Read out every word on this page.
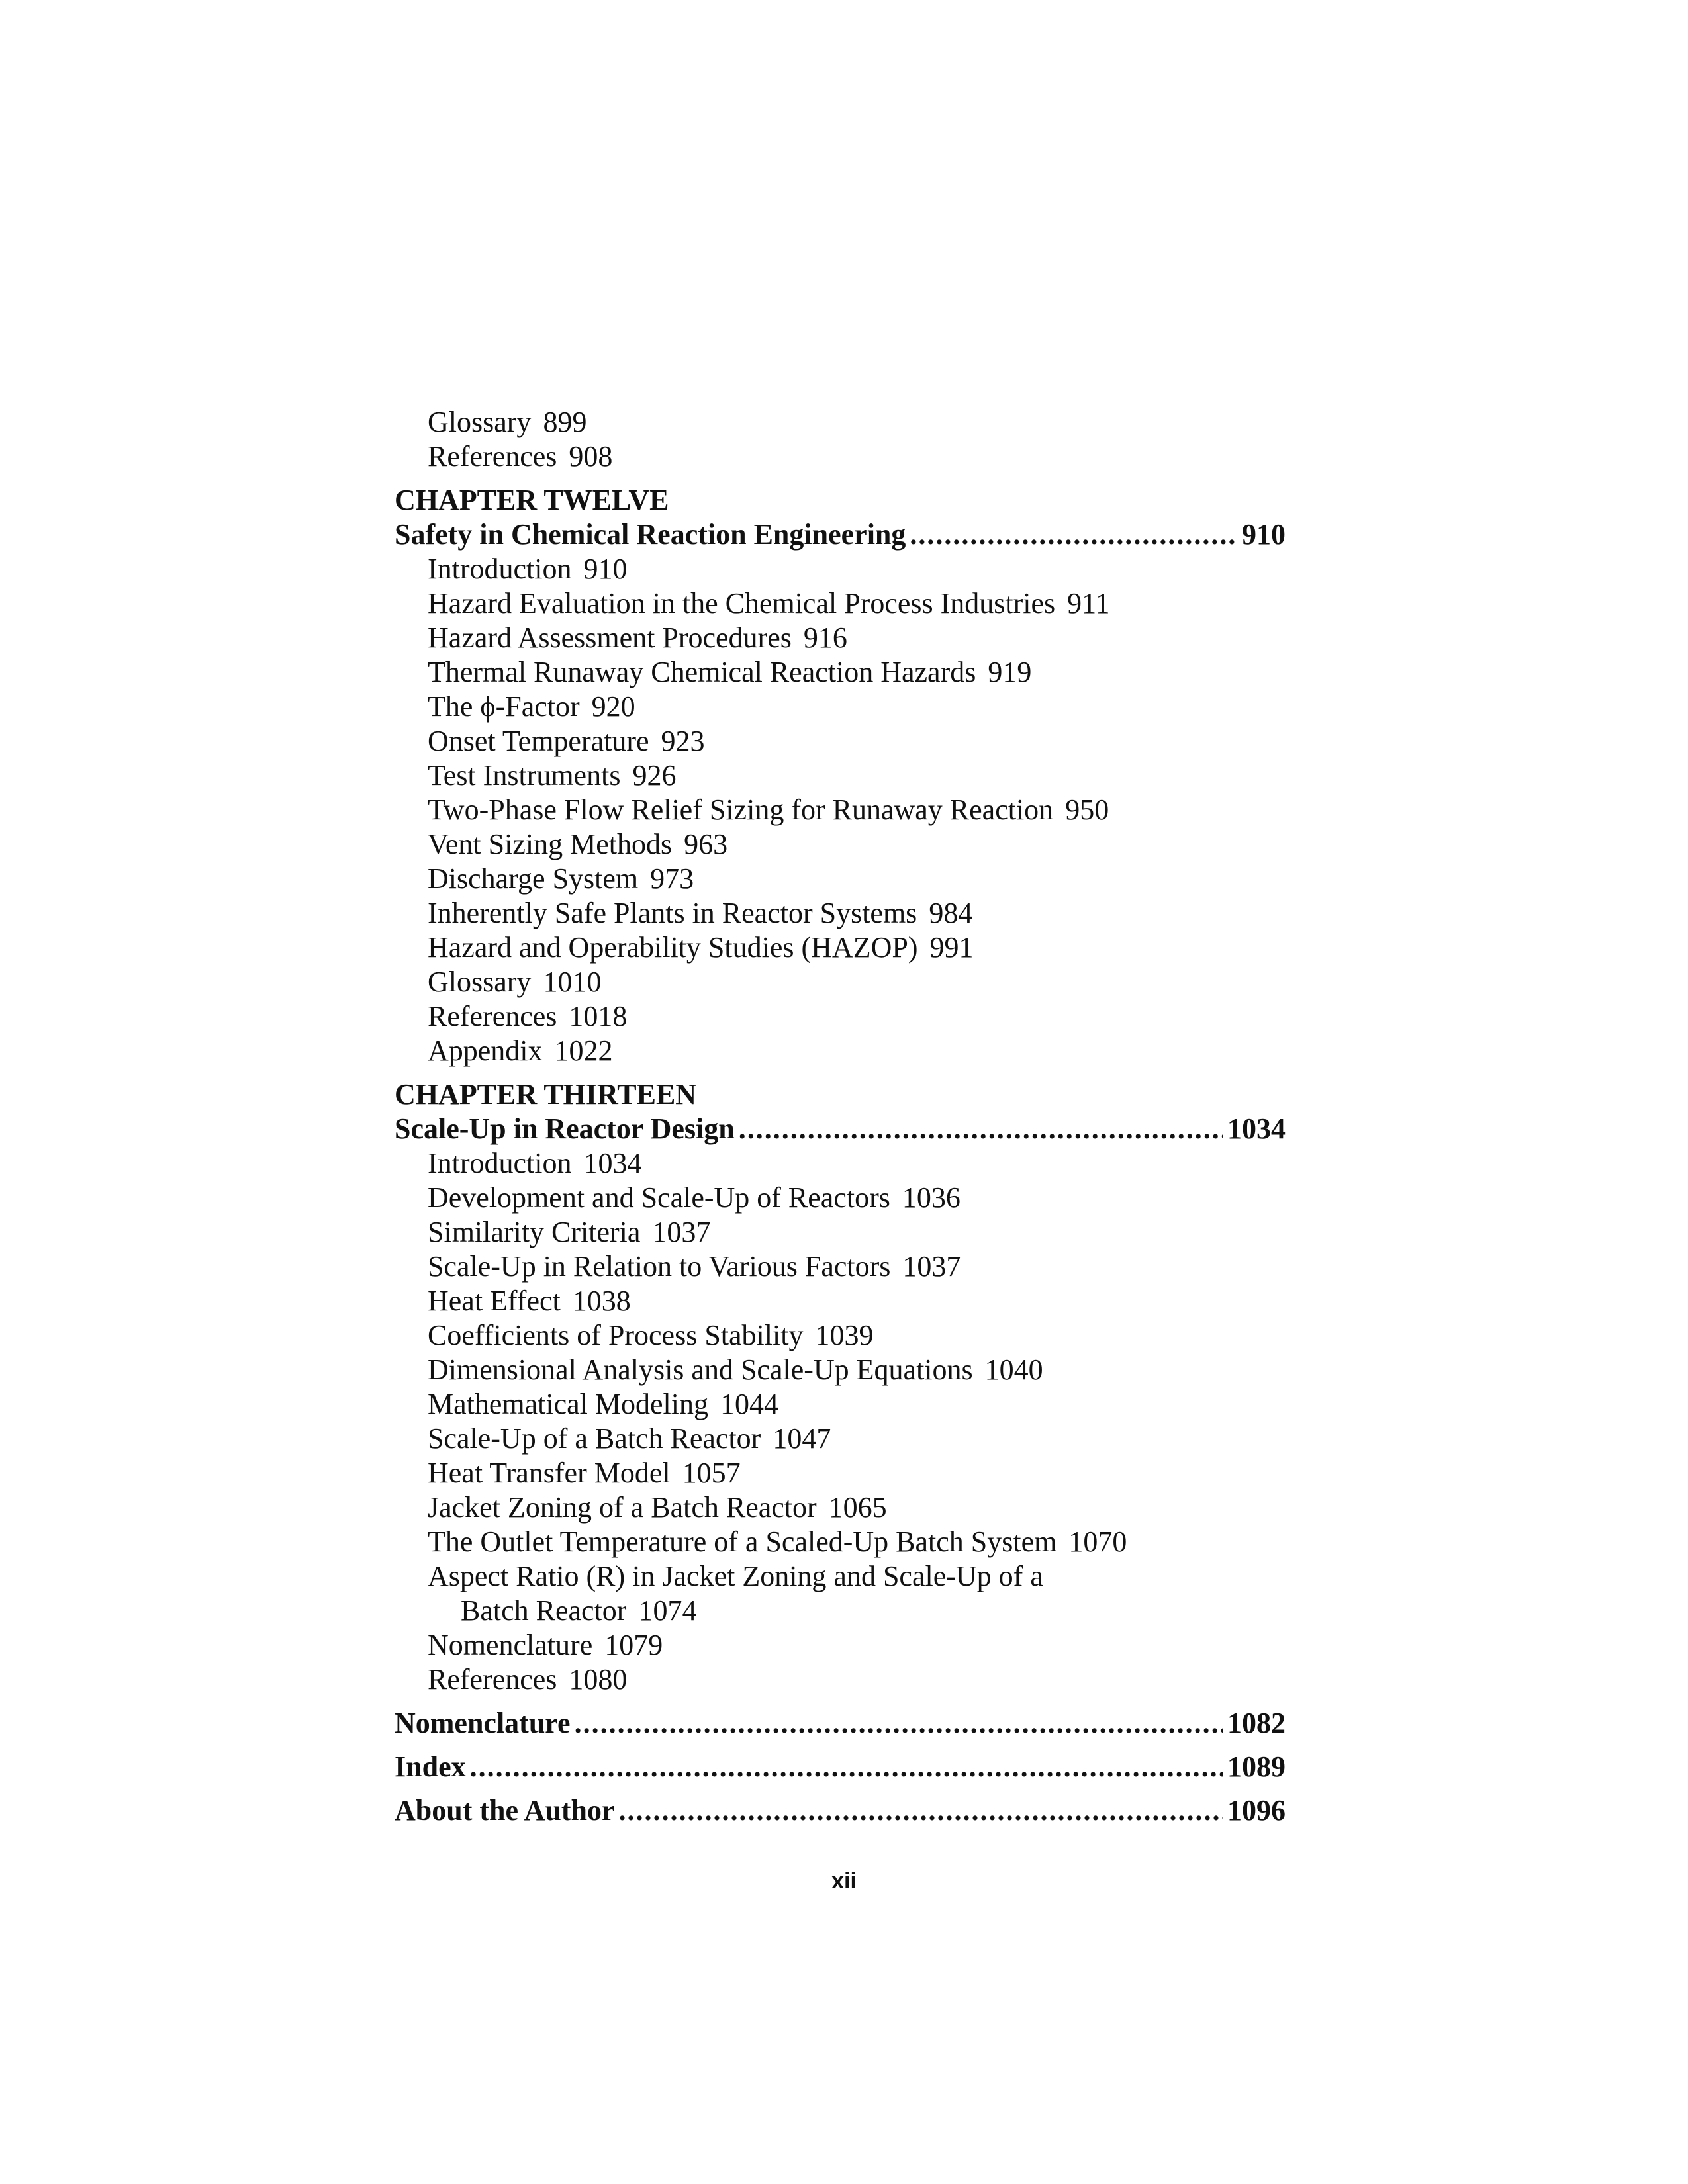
Glossary 899
References 908
CHAPTER TWELVE
Safety in Chemical Reaction Engineering .....	910
Introduction 910
Hazard Evaluation in the Chemical Process Industries 911
Hazard Assessment Procedures 916
Thermal Runaway Chemical Reaction Hazards 919
The ϕ-Factor 920
Onset Temperature 923
Test Instruments 926
Two-Phase Flow Relief Sizing for Runaway Reaction 950
Vent Sizing Methods 963
Discharge System 973
Inherently Safe Plants in Reactor Systems 984
Hazard and Operability Studies (HAZOP) 991
Glossary 1010
References 1018
Appendix 1022
CHAPTER THIRTEEN
Scale-Up in Reactor Design .....	1034
Introduction 1034
Development and Scale-Up of Reactors 1036
Similarity Criteria 1037
Scale-Up in Relation to Various Factors 1037
Heat Effect 1038
Coefficients of Process Stability 1039
Dimensional Analysis and Scale-Up Equations 1040
Mathematical Modeling 1044
Scale-Up of a Batch Reactor 1047
Heat Transfer Model 1057
Jacket Zoning of a Batch Reactor 1065
The Outlet Temperature of a Scaled-Up Batch System 1070
Aspect Ratio (R) in Jacket Zoning and Scale-Up of a
Batch Reactor 1074
Nomenclature 1079
References 1080
Nomenclature .....	1082
Index .....	1089
About the Author .....	1096
xii
